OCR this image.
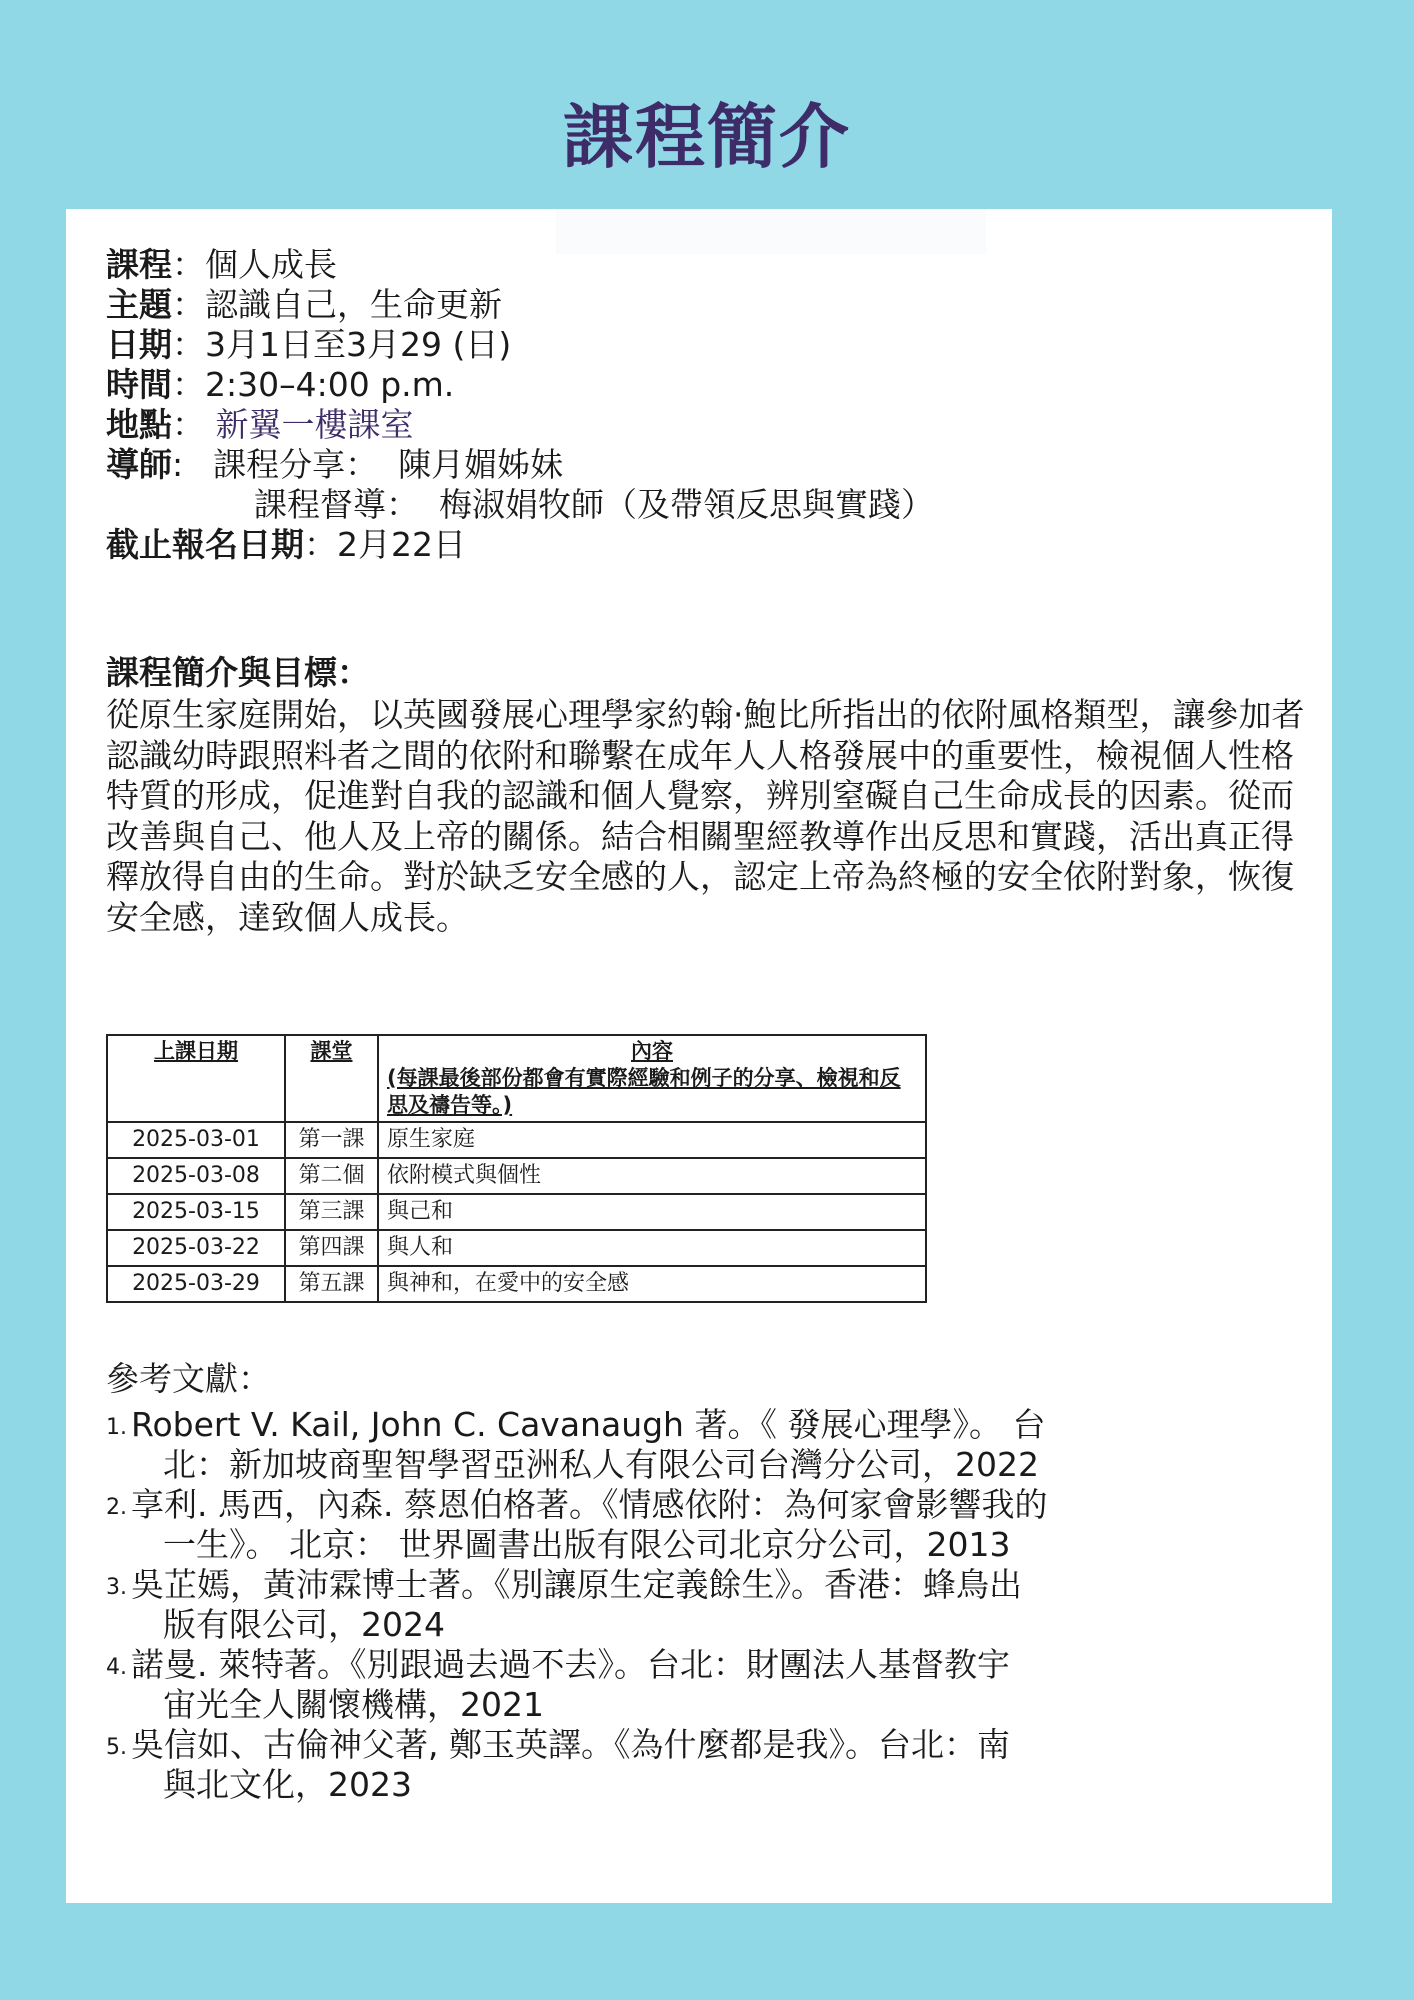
課程簡介
課程：個人成長
主題：認識自己，生命更新
日期：3月1日至3月29 (日)
時間：2:30–4:00 p.m.
地點： 新翼一樓課室
導師: 課程分享： 陳月媚姊妹
課程督導： 梅淑娟牧師（及帶領反思與實踐）
截止報名日期：2月22日
課程簡介與目標：
從原生家庭開始，以英國發展心理學家約翰·鮑比所指出的依附風格類型，讓參加者認識幼時跟照料者之間的依附和聯繫在成年人人格發展中的重要性，檢視個人性格特質的形成，促進對自我的認識和個人覺察，辨別窒礙自己生命成長的因素。從而改善與自己、他人及上帝的關係。結合相關聖經教導作出反思和實踐，活出真正得釋放得自由的生命。對於缺乏安全感的人，認定上帝為終極的安全依附對象，恢復安全感，達致個人成長。
上課日期	課堂	內容
(每課最後部份都會有實際經驗和例子的分享、檢視和反思及禱告等。)

2025-03-01	第一課	原生家庭
2025-03-08	第二個	依附模式與個性
2025-03-15	第三課	與己和
2025-03-22	第四課	與人和
2025-03-29	第五課	與神和，在愛中的安全感
參考文獻：
1. Robert V. Kail, John C. Cavanaugh 著。《 發展心理學》。 台
北：新加坡商聖智學習亞洲私人有限公司台灣分公司，2022
2. 享利. 馬西，內森. 蔡恩伯格著。《情感依附：為何家會影響我的
一生》。 北京： 世界圖書出版有限公司北京分公司，2013
3. 吳芷嫣，黃沛霖博士著。《別讓原生定義餘生》。香港：蜂鳥出
版有限公司，2024
4. 諾曼. 萊特著。《別跟過去過不去》。台北：財團法人基督教宇
宙光全人關懷機構，2021
5. 吳信如、古倫神父著, 鄭玉英譯。《為什麼都是我》。台北：南
與北文化，2023
